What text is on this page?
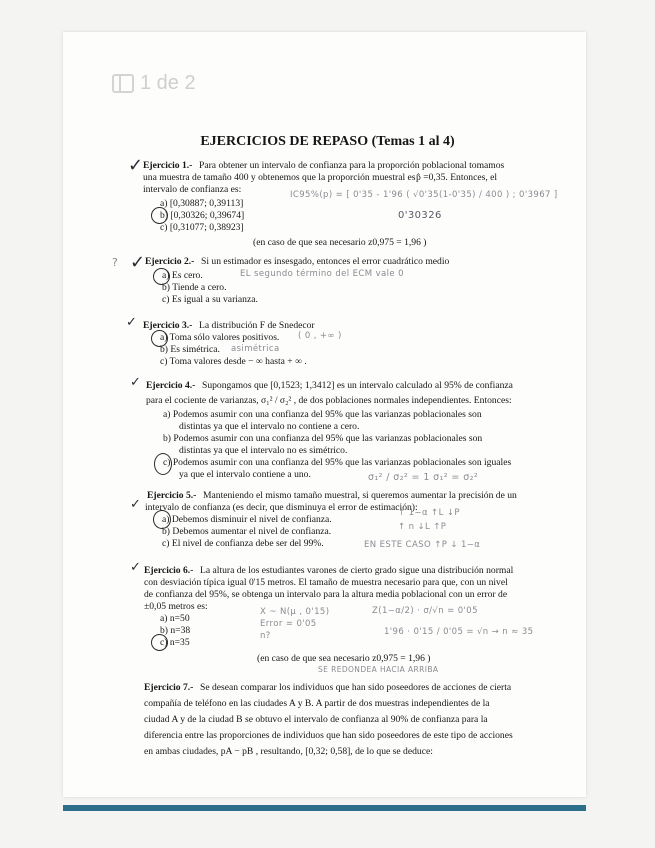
1 de 2
EJERCICIOS DE REPASO (Temas 1 al 4)
✓ Ejercicio 1.- Para obtener un intervalo de confianza para la proporción poblacional tomamos
una muestra de tamaño 400 y obtenemos que la proporción muestral es p̂ =0,35. Entonces, el
intervalo de confianza es:
a) [0,30887; 0,39113]
b) [0,30326; 0,39674]
c) [0,31077; 0,38923]
(en caso de que sea necesario z0,975 = 1,96 )
IC95%(p) = [ 0'35 - 1'96 ( √0'35(1-0'35) / 400 ) ; 0'3967 ]
0'30326
? ✓ Ejercicio 2.- Si un estimador es insesgado, entonces el error cuadrático medio
a) Es cero.
b) Tiende a cero.
c) Es igual a su varianza.
EL segundo término del ECM vale 0
✓ Ejercicio 3.- La distribución F de Snedecor
a) Toma sólo valores positivos.
b) Es simétrica.
c) Toma valores desde − ∞ hasta + ∞ .
( 0 , +∞ )
asimétrica
✓ Ejercicio 4.- Supongamos que [0,1523; 1,3412] es un intervalo calculado al 95% de confianza
para el cociente de varianzas, σ₁² / σ₂² , de dos poblaciones normales independientes. Entonces:
a) Podemos asumir con una confianza del 95% que las varianzas poblacionales son
distintas ya que el intervalo no contiene a cero.
b) Podemos asumir con una confianza del 95% que las varianzas poblacionales son
distintas ya que el intervalo no es simétrico.
c) Podemos asumir con una confianza del 95% que las varianzas poblacionales son iguales
ya que el intervalo contiene a uno.	σ₁² / σ₂² = 1 σ₁² = σ₂²
Ejercicio 5.- Manteniendo el mismo tamaño muestral, si queremos aumentar la precisión de un
✓ intervalo de confianza (es decir, que disminuya el error de estimación):
a) Debemos disminuir el nivel de confianza.
b) Debemos aumentar el nivel de confianza.
c) El nivel de confianza debe ser del 99%.
↑ 1−α ↑L ↓P
↑ n ↓L ↑P
EN ESTE CASO ↑P ↓ 1−α
✓ Ejercicio 6.- La altura de los estudiantes varones de cierto grado sigue una distribución normal
con desviación típica igual 0'15 metros. El tamaño de muestra necesario para que, con un nivel
de confianza del 95%, se obtenga un intervalo para la altura media poblacional con un error de
±0,05 metros es:
a) n=50
b) n=38
c) n=35
(en caso de que sea necesario z0,975 = 1,96 )
X ~ N(μ , 0'15)
Error = 0'05
n?
Z(1−α/2) · σ/√n = 0'05
1'96 · 0'15 / 0'05 = √n → n ≈ 35
SE REDONDEA HACIA ARRIBA
Ejercicio 7.- Se desean comparar los individuos que han sido poseedores de acciones de cierta
compañía de teléfono en las ciudades A y B. A partir de dos muestras independientes de la
ciudad A y de la ciudad B se obtuvo el intervalo de confianza al 90% de confianza para la
diferencia entre las proporciones de individuos que han sido poseedores de este tipo de acciones
en ambas ciudades, pA − pB , resultando, [0,32; 0,58], de lo que se deduce:
